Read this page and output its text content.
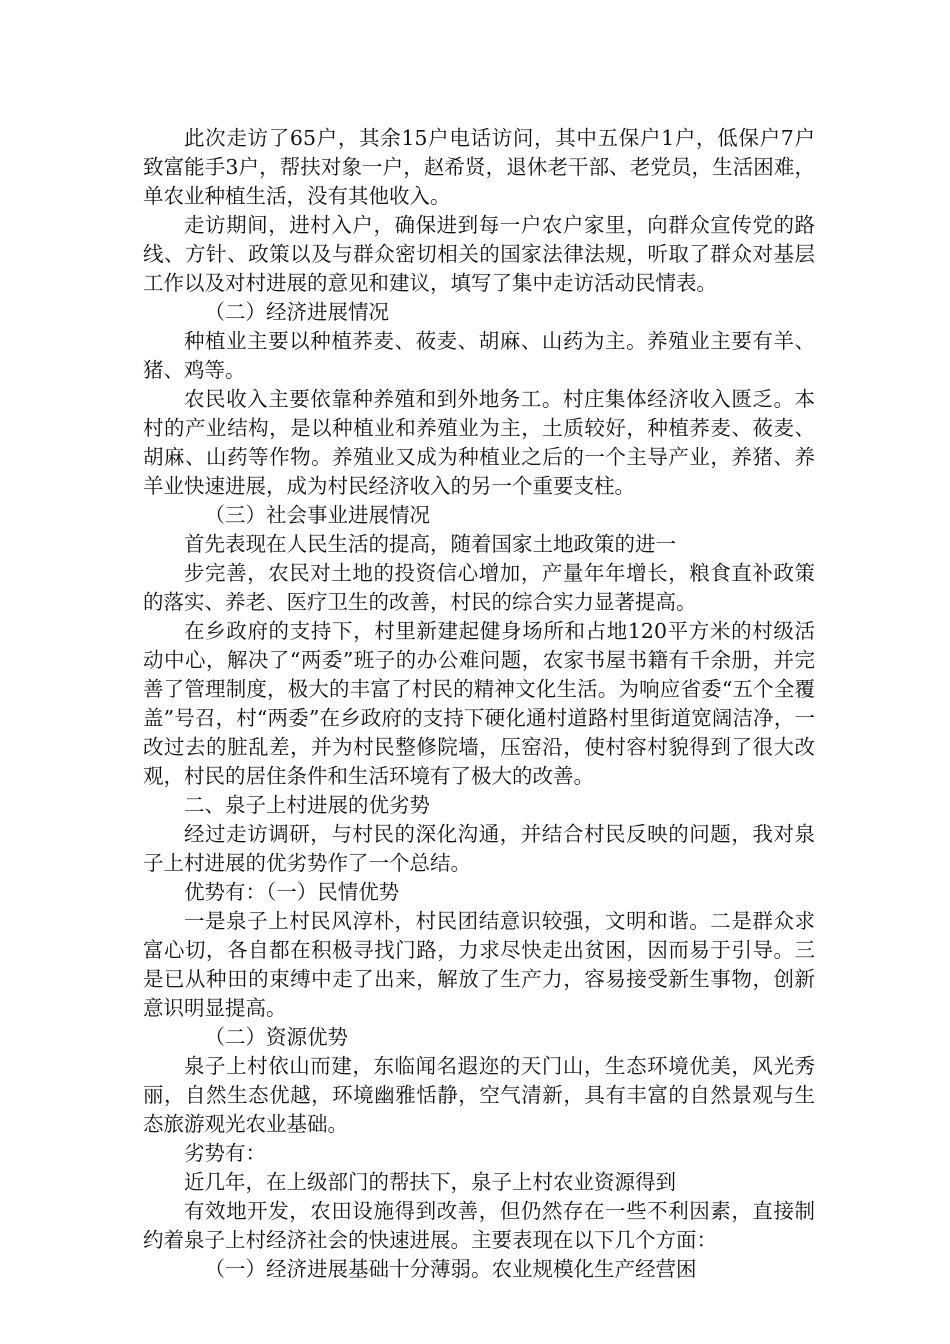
此次走访了65户，其余15户电话访问，其中五保户1户，低保户7户致富能手3户，帮扶对象一户，赵希贤，退休老干部、老党员，生活困难，单农业种植生活，没有其他收入。

走访期间，进村入户，确保进到每一户农户家里，向群众宣传党的路线、方针、政策以及与群众密切相关的国家法律法规，听取了群众对基层工作以及对村进展的意见和建议，填写了集中走访活动民情表。

（二）经济进展情况

种植业主要以种植荞麦、莜麦、胡麻、山药为主。养殖业主要有羊、猪、鸡等。

农民收入主要依靠种养殖和到外地务工。村庄集体经济收入匮乏。本村的产业结构，是以种植业和养殖业为主，土质较好，种植荞麦、莜麦、胡麻、山药等作物。养殖业又成为种植业之后的一个主导产业，养猪、养羊业快速进展，成为村民经济收入的另一个重要支柱。

（三）社会事业进展情况

首先表现在人民生活的提高，随着国家土地政策的进一

步完善，农民对土地的投资信心增加，产量年年增长，粮食直补政策的落实、养老、医疗卫生的改善，村民的综合实力显著提高。

在乡政府的支持下，村里新建起健身场所和占地120平方米的村级活动中心，解决了“两委”班子的办公难问题，农家书屋书籍有千余册，并完善了管理制度，极大的丰富了村民的精神文化生活。为响应省委“五个全覆盖”号召，村“两委”在乡政府的支持下硬化通村道路村里街道宽阔洁净，一改过去的脏乱差，并为村民整修院墙，压窑沿，使村容村貌得到了很大改观，村民的居住条件和生活环境有了极大的改善。

二、泉子上村进展的优劣势

经过走访调研，与村民的深化沟通，并结合村民反映的问题，我对泉子上村进展的优劣势作了一个总结。

优势有：（一）民情优势

一是泉子上村民风淳朴，村民团结意识较强，文明和谐。二是群众求富心切，各自都在积极寻找门路，力求尽快走出贫困，因而易于引导。三是已从种田的束缚中走了出来，解放了生产力，容易接受新生事物，创新意识明显提高。

（二）资源优势

泉子上村依山而建，东临闻名遐迩的天门山，生态环境优美，风光秀丽，自然生态优越，环境幽雅恬静，空气清新，具有丰富的自然景观与生态旅游观光农业基础。

劣势有：

近几年，在上级部门的帮扶下，泉子上村农业资源得到

有效地开发，农田设施得到改善，但仍然存在一些不利因素，直接制约着泉子上村经济社会的快速进展。主要表现在以下几个方面：

（一）经济进展基础十分薄弱。农业规模化生产经营困
